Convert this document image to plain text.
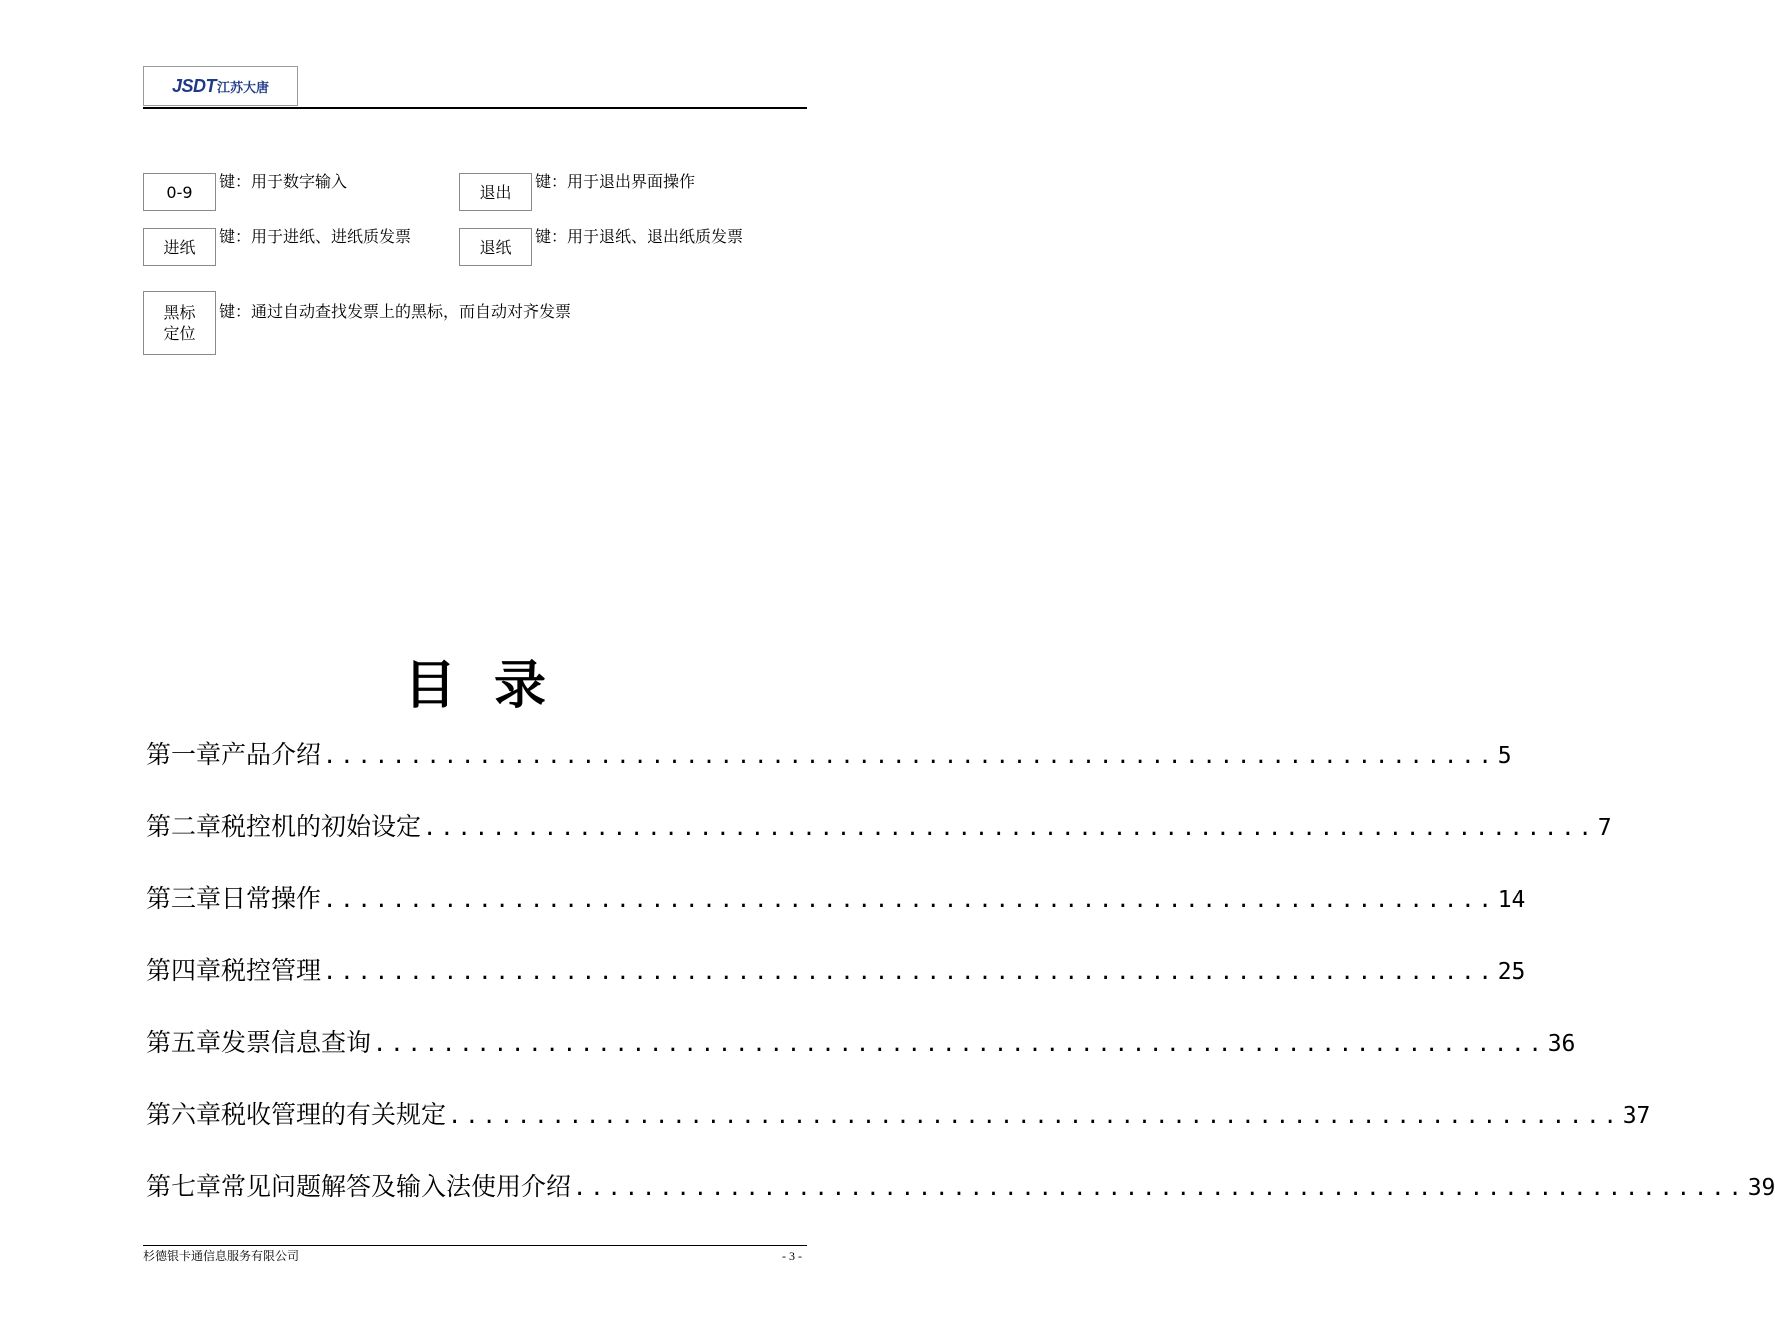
JSDT 江苏大唐
0-9
键：用于数字输入
退出
键：用于退出界面操作
进纸
键：用于进纸、进纸质发票
退纸
键：用于退纸、退出纸质发票
黑标
定位
键：通过自动查找发票上的黑标，而自动对齐发票
目 录
第一章 产品介绍 .................................................................... 5
第二章 税控机的初始设定 .................................................................... 7
第三章 日常操作 .................................................................... 14
第四章 税控管理 .................................................................... 25
第五章 发票信息查询 .................................................................... 36
第六章 税收管理的有关规定 .................................................................... 37
第七章 常见问题解答及输入法使用介绍 .................................................................... 39
杉德银卡通信息服务有限公司	- 3 -
